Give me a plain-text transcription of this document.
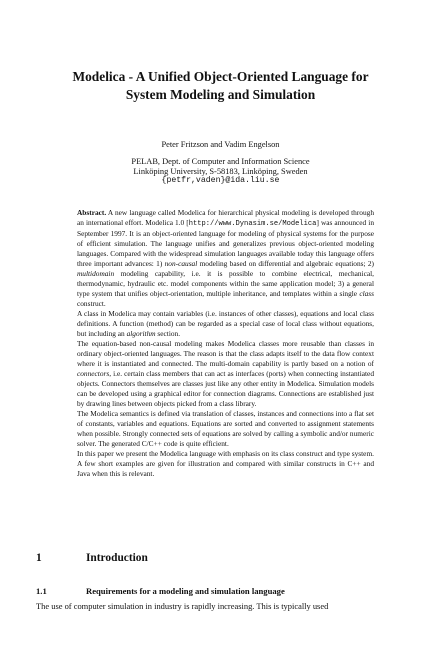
Modelica - A Unified Object-Oriented Language for
System Modeling and Simulation
Peter Fritzson and Vadim Engelson
PELAB, Dept. of Computer and Information Science
Linköping University, S-58183, Linköping, Sweden
{petfr,vaden}@ida.liu.se

Abstract. A new language called Modelica for hierarchical physical modeling is developed through an international effort. Modelica 1.0 [http://www.Dynasim.se/Modelica] was announced in September 1997. It is an object-oriented language for modeling of physical systems for the purpose of efficient simulation. The language unifies and generalizes previous object-oriented modeling languages. Compared with the widespread simulation languages available today this language offers three important advances: 1) non-causal modeling based on differential and algebraic equations; 2) multidomain modeling capability, i.e. it is possible to combine electrical, mechanical, thermodynamic, hydraulic etc. model components within the same application model; 3) a general type system that unifies object-orientation, multiple inheritance, and templates within a single class construct.

A class in Modelica may contain variables (i.e. instances of other classes), equations and local class definitions. A function (method) can be regarded as a special case of local class without equations, but including an algorithm section.

The equation-based non-causal modeling makes Modelica classes more reusable than classes in ordinary object-oriented languages. The reason is that the class adapts itself to the data flow context where it is instantiated and connected. The multi-domain capability is partly based on a notion of connectors, i.e. certain class members that can act as interfaces (ports) when connecting instantiated objects. Connectors themselves are classes just like any other entity in Modelica. Simulation models can be developed using a graphical editor for connection diagrams. Connections are established just by drawing lines between objects picked from a class library.

The Modelica semantics is defined via translation of classes, instances and connections into a flat set of constants, variables and equations. Equations are sorted and converted to assignment statements when possible. Strongly connected sets of equations are solved by calling a symbolic and/or numeric solver. The generated C/C++ code is quite efficient.

In this paper we present the Modelica language with emphasis on its class construct and type system. A few short examples are given for illustration and compared with similar constructs in C++ and Java when this is relevant.

1	Introduction
1.1	Requirements for a modeling and simulation language
The use of computer simulation in industry is rapidly increasing. This is typically used
